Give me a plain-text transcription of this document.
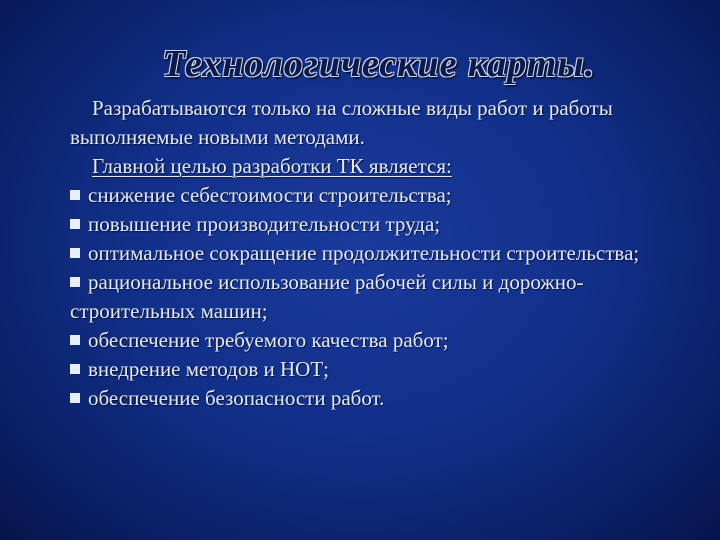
Технологические карты.

Разрабатываются только на сложные виды работ и работы выполняемые новыми методами.

Главной целью разработки ТК является:

снижение себестоимости строительства;

повышение производительности труда;

оптимальное сокращение продолжительности строительства;

рациональное использование рабочей силы и дорожно-строительных машин;

обеспечение требуемого качества работ;

внедрение методов и НОТ;

обеспечение безопасности работ.
